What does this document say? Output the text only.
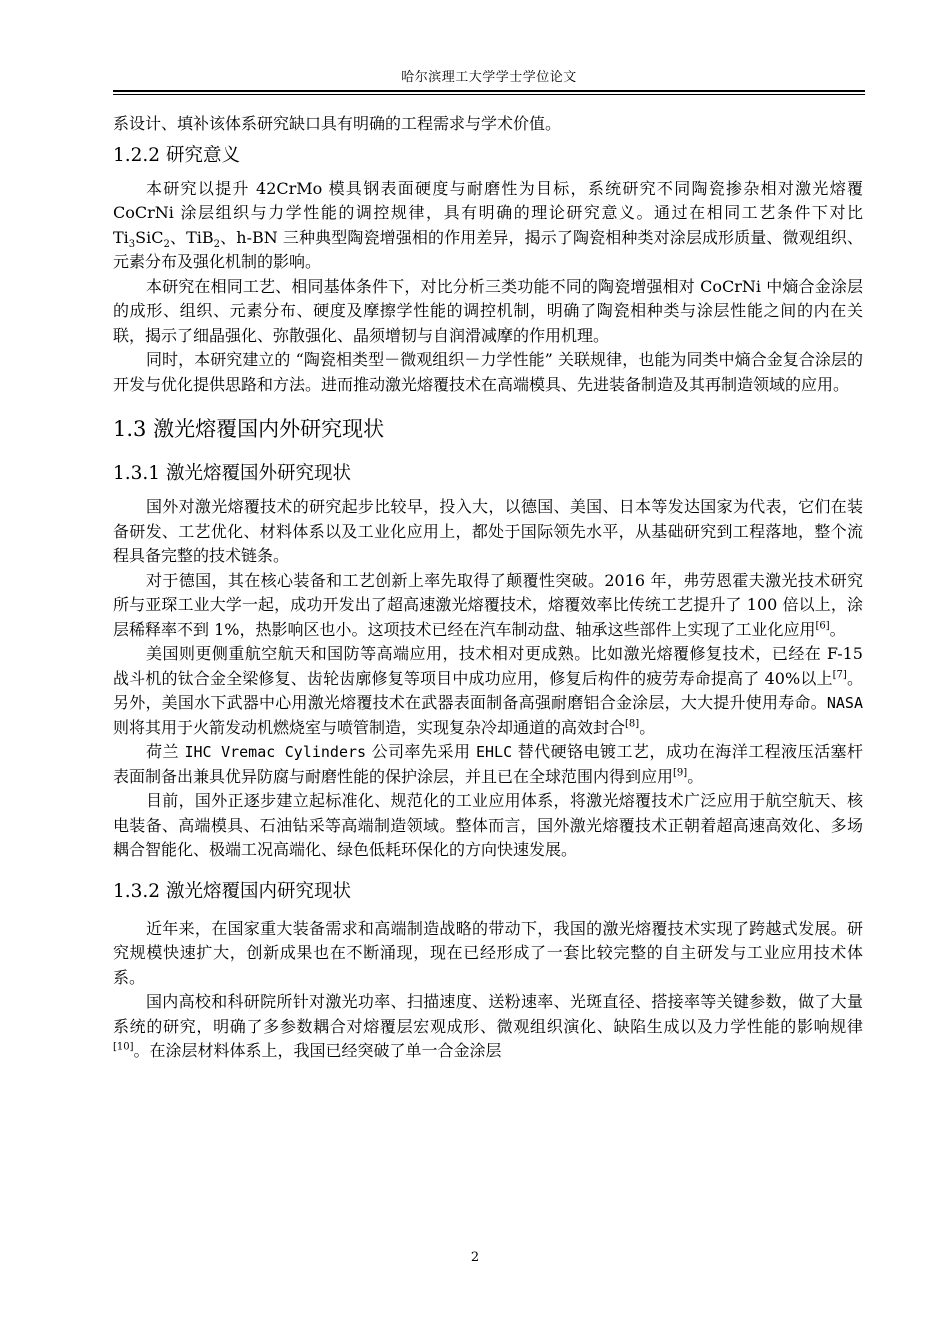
哈尔滨理工大学学士学位论文

系设计、填补该体系研究缺口具有明确的工程需求与学术价值。

1.2.2 研究意义

本研究以提升 42CrMo 模具钢表面硬度与耐磨性为目标，系统研究不同陶瓷掺杂相对激光熔覆 CoCrNi 涂层组织与力学性能的调控规律，具有明确的理论研究意义。通过在相同工艺条件下对比 $Ti_3SiC_2$、TiB$_2$、h-BN 三种典型陶瓷增强相的作用差异，揭示了陶瓷相种类对涂层成形质量、微观组织、元素分布及强化机制的影响。

本研究在相同工艺、相同基体条件下，对比分析三类功能不同的陶瓷增强相对 CoCrNi 中熵合金涂层的成形、组织、元素分布、硬度及摩擦学性能的调控机制，明确了陶瓷相种类与涂层性能之间的内在关联，揭示了细晶强化、弥散强化、晶须增韧与自润滑减摩的作用机理。

同时，本研究建立的 “陶瓷相类型－微观组织－力学性能” 关联规律，也能为同类中熵合金复合涂层的开发与优化提供思路和方法。进而推动激光熔覆技术在高端模具、先进装备制造及其再制造领域的应用。

1.3 激光熔覆国内外研究现状
1.3.1 激光熔覆国外研究现状

国外对激光熔覆技术的研究起步比较早，投入大，以德国、美国、日本等发达国家为代表，它们在装备研发、工艺优化、材料体系以及工业化应用上，都处于国际领先水平，从基础研究到工程落地，整个流程具备完整的技术链条。

对于德国，其在核心装备和工艺创新上率先取得了颠覆性突破。2016 年，弗劳恩霍夫激光技术研究所与亚琛工业大学一起，成功开发出了超高速激光熔覆技术，熔覆效率比传统工艺提升了 100 倍以上，涂层稀释率不到 1%，热影响区也小。这项技术已经在汽车制动盘、轴承这些部件上实现了工业化应用[6]。

美国则更侧重航空航天和国防等高端应用，技术相对更成熟。比如激光熔覆修复技术，已经在 F-15 战斗机的钛合金全梁修复、齿轮齿廓修复等项目中成功应用，修复后构件的疲劳寿命提高了 40%以上[7]。另外，美国水下武器中心用激光熔覆技术在武器表面制备高强耐磨铝合金涂层，大大提升使用寿命。NASA 则将其用于火箭发动机燃烧室与喷管制造，实现复杂冷却通道的高效封合[8]。

荷兰 IHC Vremac Cylinders 公司率先采用 EHLC 替代硬铬电镀工艺，成功在海洋工程液压活塞杆表面制备出兼具优异防腐与耐磨性能的保护涂层，并且已在全球范围内得到应用[9]。

目前，国外正逐步建立起标准化、规范化的工业应用体系，将激光熔覆技术广泛应用于航空航天、核电装备、高端模具、石油钻采等高端制造领域。整体而言，国外激光熔覆技术正朝着超高速高效化、多场耦合智能化、极端工况高端化、绿色低耗环保化的方向快速发展。

1.3.2 激光熔覆国内研究现状

近年来，在国家重大装备需求和高端制造战略的带动下，我国的激光熔覆技术实现了跨越式发展。研究规模快速扩大，创新成果也在不断涌现，现在已经形成了一套比较完整的自主研发与工业应用技术体系。

国内高校和科研院所针对激光功率、扫描速度、送粉速率、光斑直径、搭接率等关键参数，做了大量系统的研究，明确了多参数耦合对熔覆层宏观成形、微观组织演化、缺陷生成以及力学性能的影响规律[10]。在涂层材料体系上，我国已经突破了单一合金涂层

2
